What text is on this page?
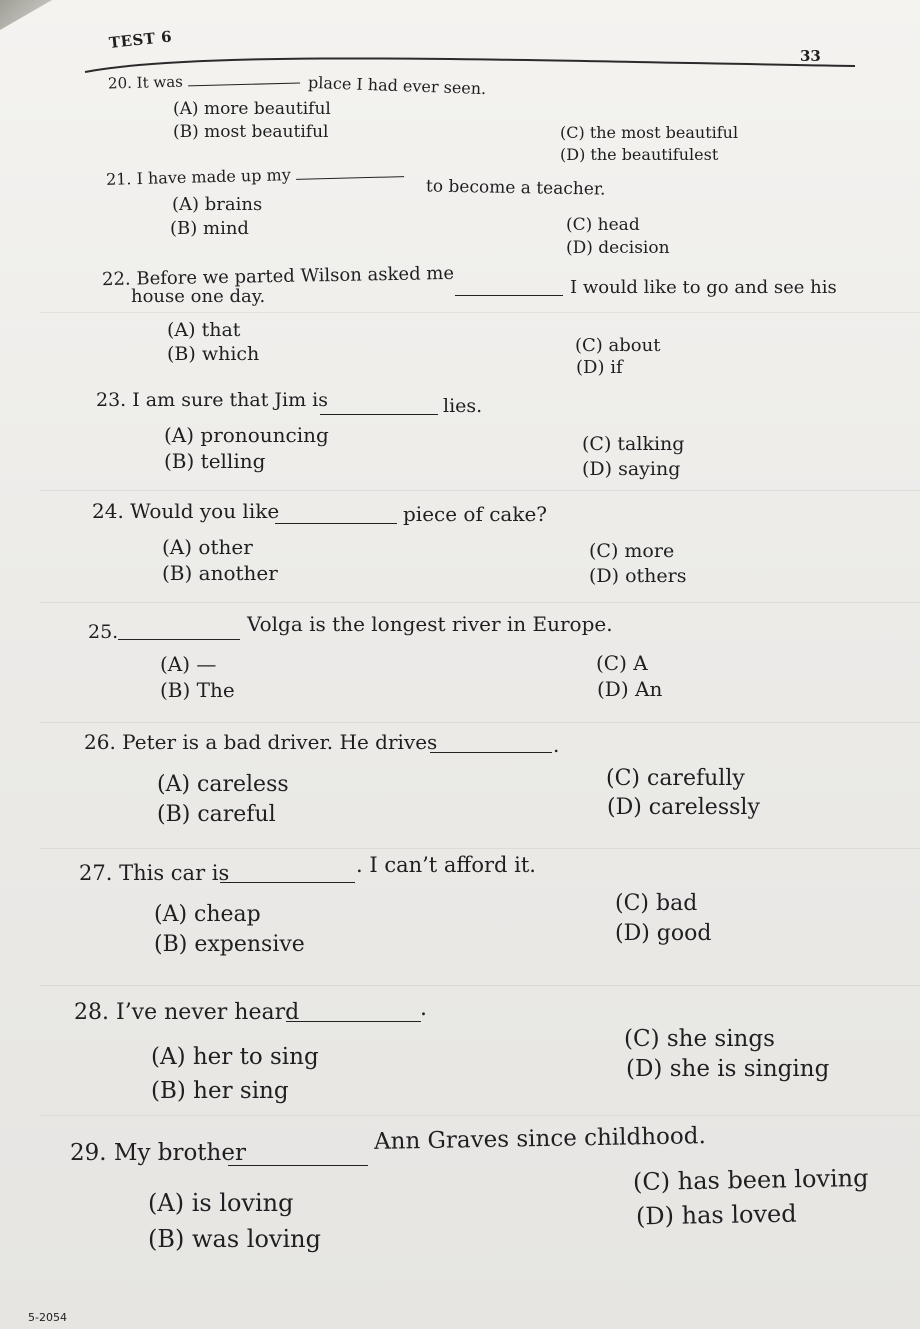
TEST 6
33
20. It was	place I had ever seen.
(A) more beautiful
(B) most beautiful	(C) the most beautiful
(D) the beautifulest
21. I have made up my	to become a teacher.
(A) brains
(B) mind	(C) head
(D) decision
22. Before we parted Wilson asked me	I would like to go and see his
house one day.
(A) that
(B) which	(C) about
(D) if
23. I am sure that Jim is	lies.
(A) pronouncing
(B) telling
(C) talking
(D) saying
24. Would you like	piece of cake?
(A) other
(B) another
(C) more
(D) others
25.	Volga is the longest river in Europe.
(A) —
(B) The
(C) A
(D) An
26. Peter is a bad driver. He drives	.
(A) careless
(B) careful
(C) carefully
(D) carelessly
27. This car is	. I can’t afford it.
(A) cheap
(B) expensive
(C) bad
(D) good
28. I’ve never heard	.
(A) her to sing
(B) her sing
(C) she sings
(D) she is singing
29. My brother	Ann Graves since childhood.
(A) is loving
(B) was loving
(C) has been loving
(D) has loved
5-2054
